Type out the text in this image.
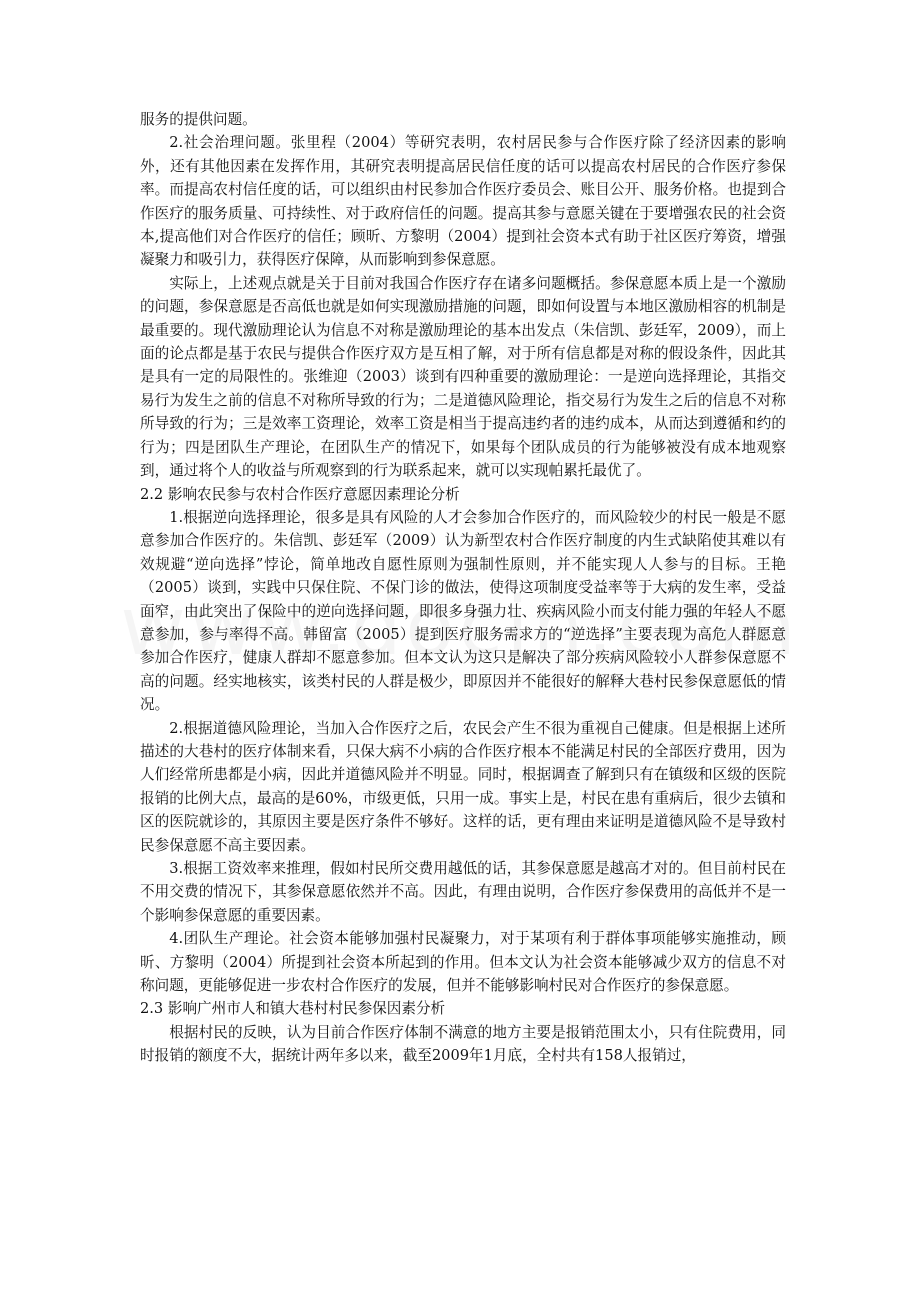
服务的提供问题。

2.社会治理问题。张里程（2004）等研究表明，农村居民参与合作医疗除了经济因素的影响外，还有其他因素在发挥作用，其研究表明提高居民信任度的话可以提高农村居民的合作医疗参保率。而提高农村信任度的话，可以组织由村民参加合作医疗委员会、账目公开、服务价格。也提到合作医疗的服务质量、可持续性、对于政府信任的问题。提高其参与意愿关键在于要增强农民的社会资本,提高他们对合作医疗的信任；顾昕、方黎明（2004）提到社会资本式有助于社区医疗筹资，增强凝聚力和吸引力，获得医疗保障，从而影响到参保意愿。

实际上，上述观点就是关于目前对我国合作医疗存在诸多问题概括。参保意愿本质上是一个激励的问题，参保意愿是否高低也就是如何实现激励措施的问题，即如何设置与本地区激励相容的机制是最重要的。现代激励理论认为信息不对称是激励理论的基本出发点（朱信凯、彭廷军，2009），而上面的论点都是基于农民与提供合作医疗双方是互相了解，对于所有信息都是对称的假设条件，因此其是具有一定的局限性的。张维迎（2003）谈到有四种重要的激励理论：一是逆向选择理论，其指交易行为发生之前的信息不对称所导致的行为；二是道德风险理论，指交易行为发生之后的信息不对称所导致的行为；三是效率工资理论，效率工资是相当于提高违约者的违约成本，从而达到遵循和约的行为；四是团队生产理论，在团队生产的情况下，如果每个团队成员的行为能够被没有成本地观察到，通过将个人的收益与所观察到的行为联系起来，就可以实现帕累托最优了。

2.2 影响农民参与农村合作医疗意愿因素理论分析

1.根据逆向选择理论，很多是具有风险的人才会参加合作医疗的，而风险较少的村民一般是不愿意参加合作医疗的。朱信凯、彭廷军（2009）认为新型农村合作医疗制度的内生式缺陷使其难以有效规避“逆向选择”悖论，简单地改自愿性原则为强制性原则，并不能实现人人参与的目标。王艳（2005）谈到，实践中只保住院、不保门诊的做法，使得这项制度受益率等于大病的发生率，受益面窄，由此突出了保险中的逆向选择问题，即很多身强力壮、疾病风险小而支付能力强的年轻人不愿意参加，参与率得不高。韩留富（2005）提到医疗服务需求方的“逆选择”主要表现为高危人群愿意参加合作医疗，健康人群却不愿意参加。但本文认为这只是解决了部分疾病风险较小人群参保意愿不高的问题。经实地核实，该类村民的人群是极少，即原因并不能很好的解释大巷村民参保意愿低的情况。

2.根据道德风险理论，当加入合作医疗之后，农民会产生不很为重视自己健康。但是根据上述所描述的大巷村的医疗体制来看，只保大病不小病的合作医疗根本不能满足村民的全部医疗费用，因为人们经常所患都是小病，因此并道德风险并不明显。同时，根据调查了解到只有在镇级和区级的医院报销的比例大点，最高的是60%，市级更低，只用一成。事实上是，村民在患有重病后，很少去镇和区的医院就诊的，其原因主要是医疗条件不够好。这样的话，更有理由来证明是道德风险不是导致村民参保意愿不高主要因素。

3.根据工资效率来推理，假如村民所交费用越低的话，其参保意愿是越高才对的。但目前村民在不用交费的情况下，其参保意愿依然并不高。因此，有理由说明，合作医疗参保费用的高低并不是一个影响参保意愿的重要因素。

4.团队生产理论。社会资本能够加强村民凝聚力，对于某项有利于群体事项能够实施推动，顾昕、方黎明（2004）所提到社会资本所起到的作用。但本文认为社会资本能够减少双方的信息不对称问题，更能够促进一步农村合作医疗的发展，但并不能够影响村民对合作医疗的参保意愿。

2.3 影响广州市人和镇大巷村村民参保因素分析

根据村民的反映，认为目前合作医疗体制不满意的地方主要是报销范围太小，只有住院费用，同时报销的额度不大，据统计两年多以来，截至2009年1月底，全村共有158人报销过，
